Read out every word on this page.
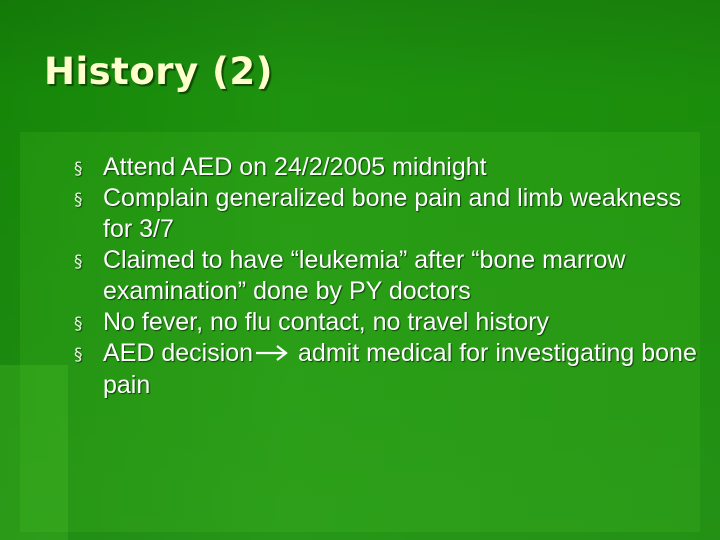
History (2)
§ Attend AED on 24/2/2005 midnight
§ Complain generalized bone pain and limb weakness for 3/7
§ Claimed to have “leukemia” after “bone marrow examination” done by PY doctors
§ No fever, no flu contact, no travel history
§ AED decision admit medical for investigating bone pain
